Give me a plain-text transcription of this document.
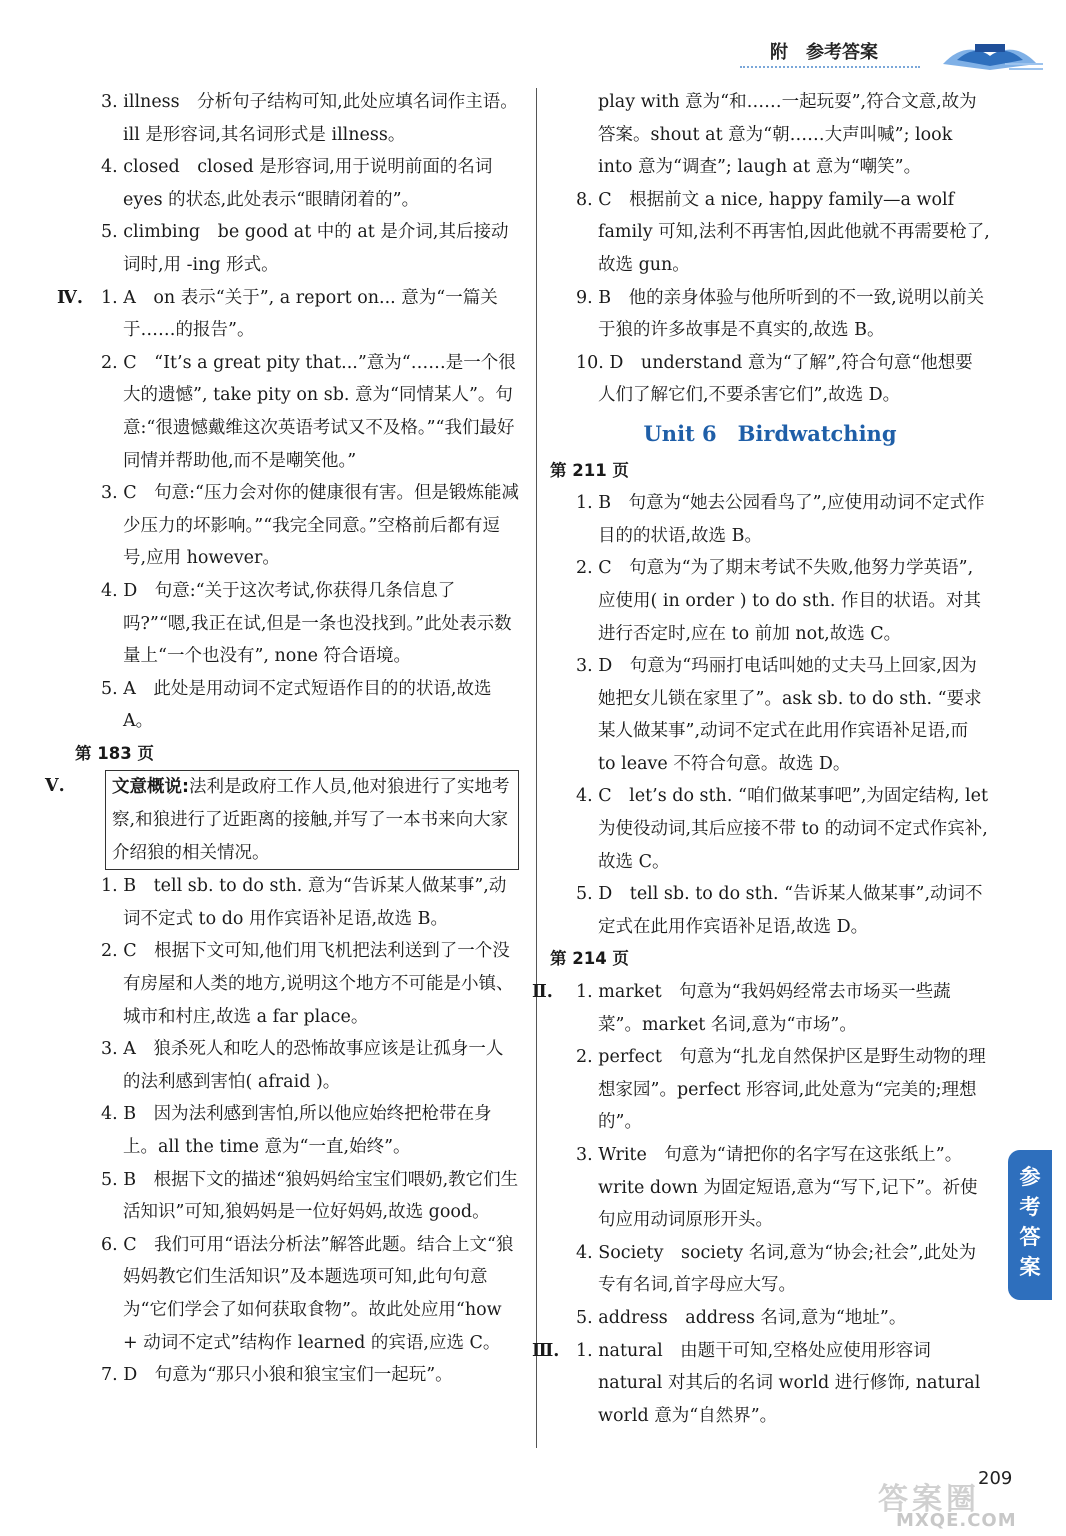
附 参考答案
3. illness　分析句子结构可知,此处应填名词作主语。ill 是形容词,其名词形式是 illness。
4. closed　closed 是形容词,用于说明前面的名词 eyes 的状态,此处表示“眼睛闭着的”。
5. climbing　be good at 中的 at 是介词,其后接动词时,用 -ing 形式。
Ⅳ. 1. A　on 表示“关于”, a report on... 意为“一篇关于……的报告”。
2. C　“It’s a great pity that...”意为“……是一个很大的遗憾”, take pity on sb. 意为“同情某人”。句意:“很遗憾戴维这次英语考试又不及格。”“我们最好同情并帮助他,而不是嘲笑他。”
3. C　句意:“压力会对你的健康很有害。但是锻炼能减少压力的坏影响。”“我完全同意。”空格前后都有逗号,应用 however。
4. D　句意:“关于这次考试,你获得几条信息了吗?”“嗯,我正在试,但是一条也没找到。”此处表示数量上“一个也没有”, none 符合语境。
5. A　此处是用动词不定式短语作目的的状语,故选 A。
第 183 页
Ⅴ.	文意概说:法利是政府工作人员,他对狼进行了实地考察,和狼进行了近距离的接触,并写了一本书来向大家介绍狼的相关情况。
1. B　tell sb. to do sth. 意为“告诉某人做某事”,动词不定式 to do 用作宾语补足语,故选 B。
2. C　根据下文可知,他们用飞机把法利送到了一个没有房屋和人类的地方,说明这个地方不可能是小镇、城市和村庄,故选 a far place。
3. A　狼杀死人和吃人的恐怖故事应该是让孤身一人的法利感到害怕( afraid )。
4. B　因为法利感到害怕,所以他应始终把枪带在身上。all the time 意为“一直,始终”。
5. B　根据下文的描述“狼妈妈给宝宝们喂奶,教它们生活知识”可知,狼妈妈是一位好妈妈,故选 good。
6. C　我们可用“语法分析法”解答此题。结合上文“狼妈妈教它们生活知识”及本题选项可知,此句句意为“它们学会了如何获取食物”。故此处应用“how + 动词不定式”结构作 learned 的宾语,应选 C。
7. D　句意为“那只小狼和狼宝宝们一起玩”。
play with 意为“和……一起玩耍”,符合文意,故为答案。shout at 意为“朝……大声叫喊”; look into 意为“调查”; laugh at 意为“嘲笑”。
8. C　根据前文 a nice, happy family—a wolf family 可知,法利不再害怕,因此他就不再需要枪了,故选 gun。
9. B　他的亲身体验与他所听到的不一致,说明以前关于狼的许多故事是不真实的,故选 B。
10. D　understand 意为“了解”,符合句意“他想要人们了解它们,不要杀害它们”,故选 D。
Unit 6　Birdwatching
第 211 页
1. B　句意为“她去公园看鸟了”,应使用动词不定式作目的的状语,故选 B。
2. C　句意为“为了期末考试不失败,他努力学英语”,应使用( in order ) to do sth. 作目的状语。对其进行否定时,应在 to 前加 not,故选 C。
3. D　句意为“玛丽打电话叫她的丈夫马上回家,因为她把女儿锁在家里了”。ask sb. to do sth. “要求某人做某事”,动词不定式在此用作宾语补足语,而 to leave 不符合句意。故选 D。
4. C　let’s do sth. “咱们做某事吧”,为固定结构, let 为使役动词,其后应接不带 to 的动词不定式作宾补,故选 C。
5. D　tell sb. to do sth. “告诉某人做某事”,动词不定式在此用作宾语补足语,故选 D。
第 214 页
Ⅱ. 1. market　句意为“我妈妈经常去市场买一些蔬菜”。market 名词,意为“市场”。
2. perfect　句意为“扎龙自然保护区是野生动物的理想家园”。perfect 形容词,此处意为“完美的;理想的”。
3. Write　句意为“请把你的名字写在这张纸上”。write down 为固定短语,意为“写下,记下”。祈使句应用动词原形开头。
4. Society　society 名词,意为“协会;社会”,此处为专有名词,首字母应大写。
5. address　address 名词,意为“地址”。
Ⅲ. 1. natural　由题干可知,空格处应使用形容词 natural 对其后的名词 world 进行修饰, natural world 意为“自然界”。
参考答案
答案圈
MXQE.COM
209
